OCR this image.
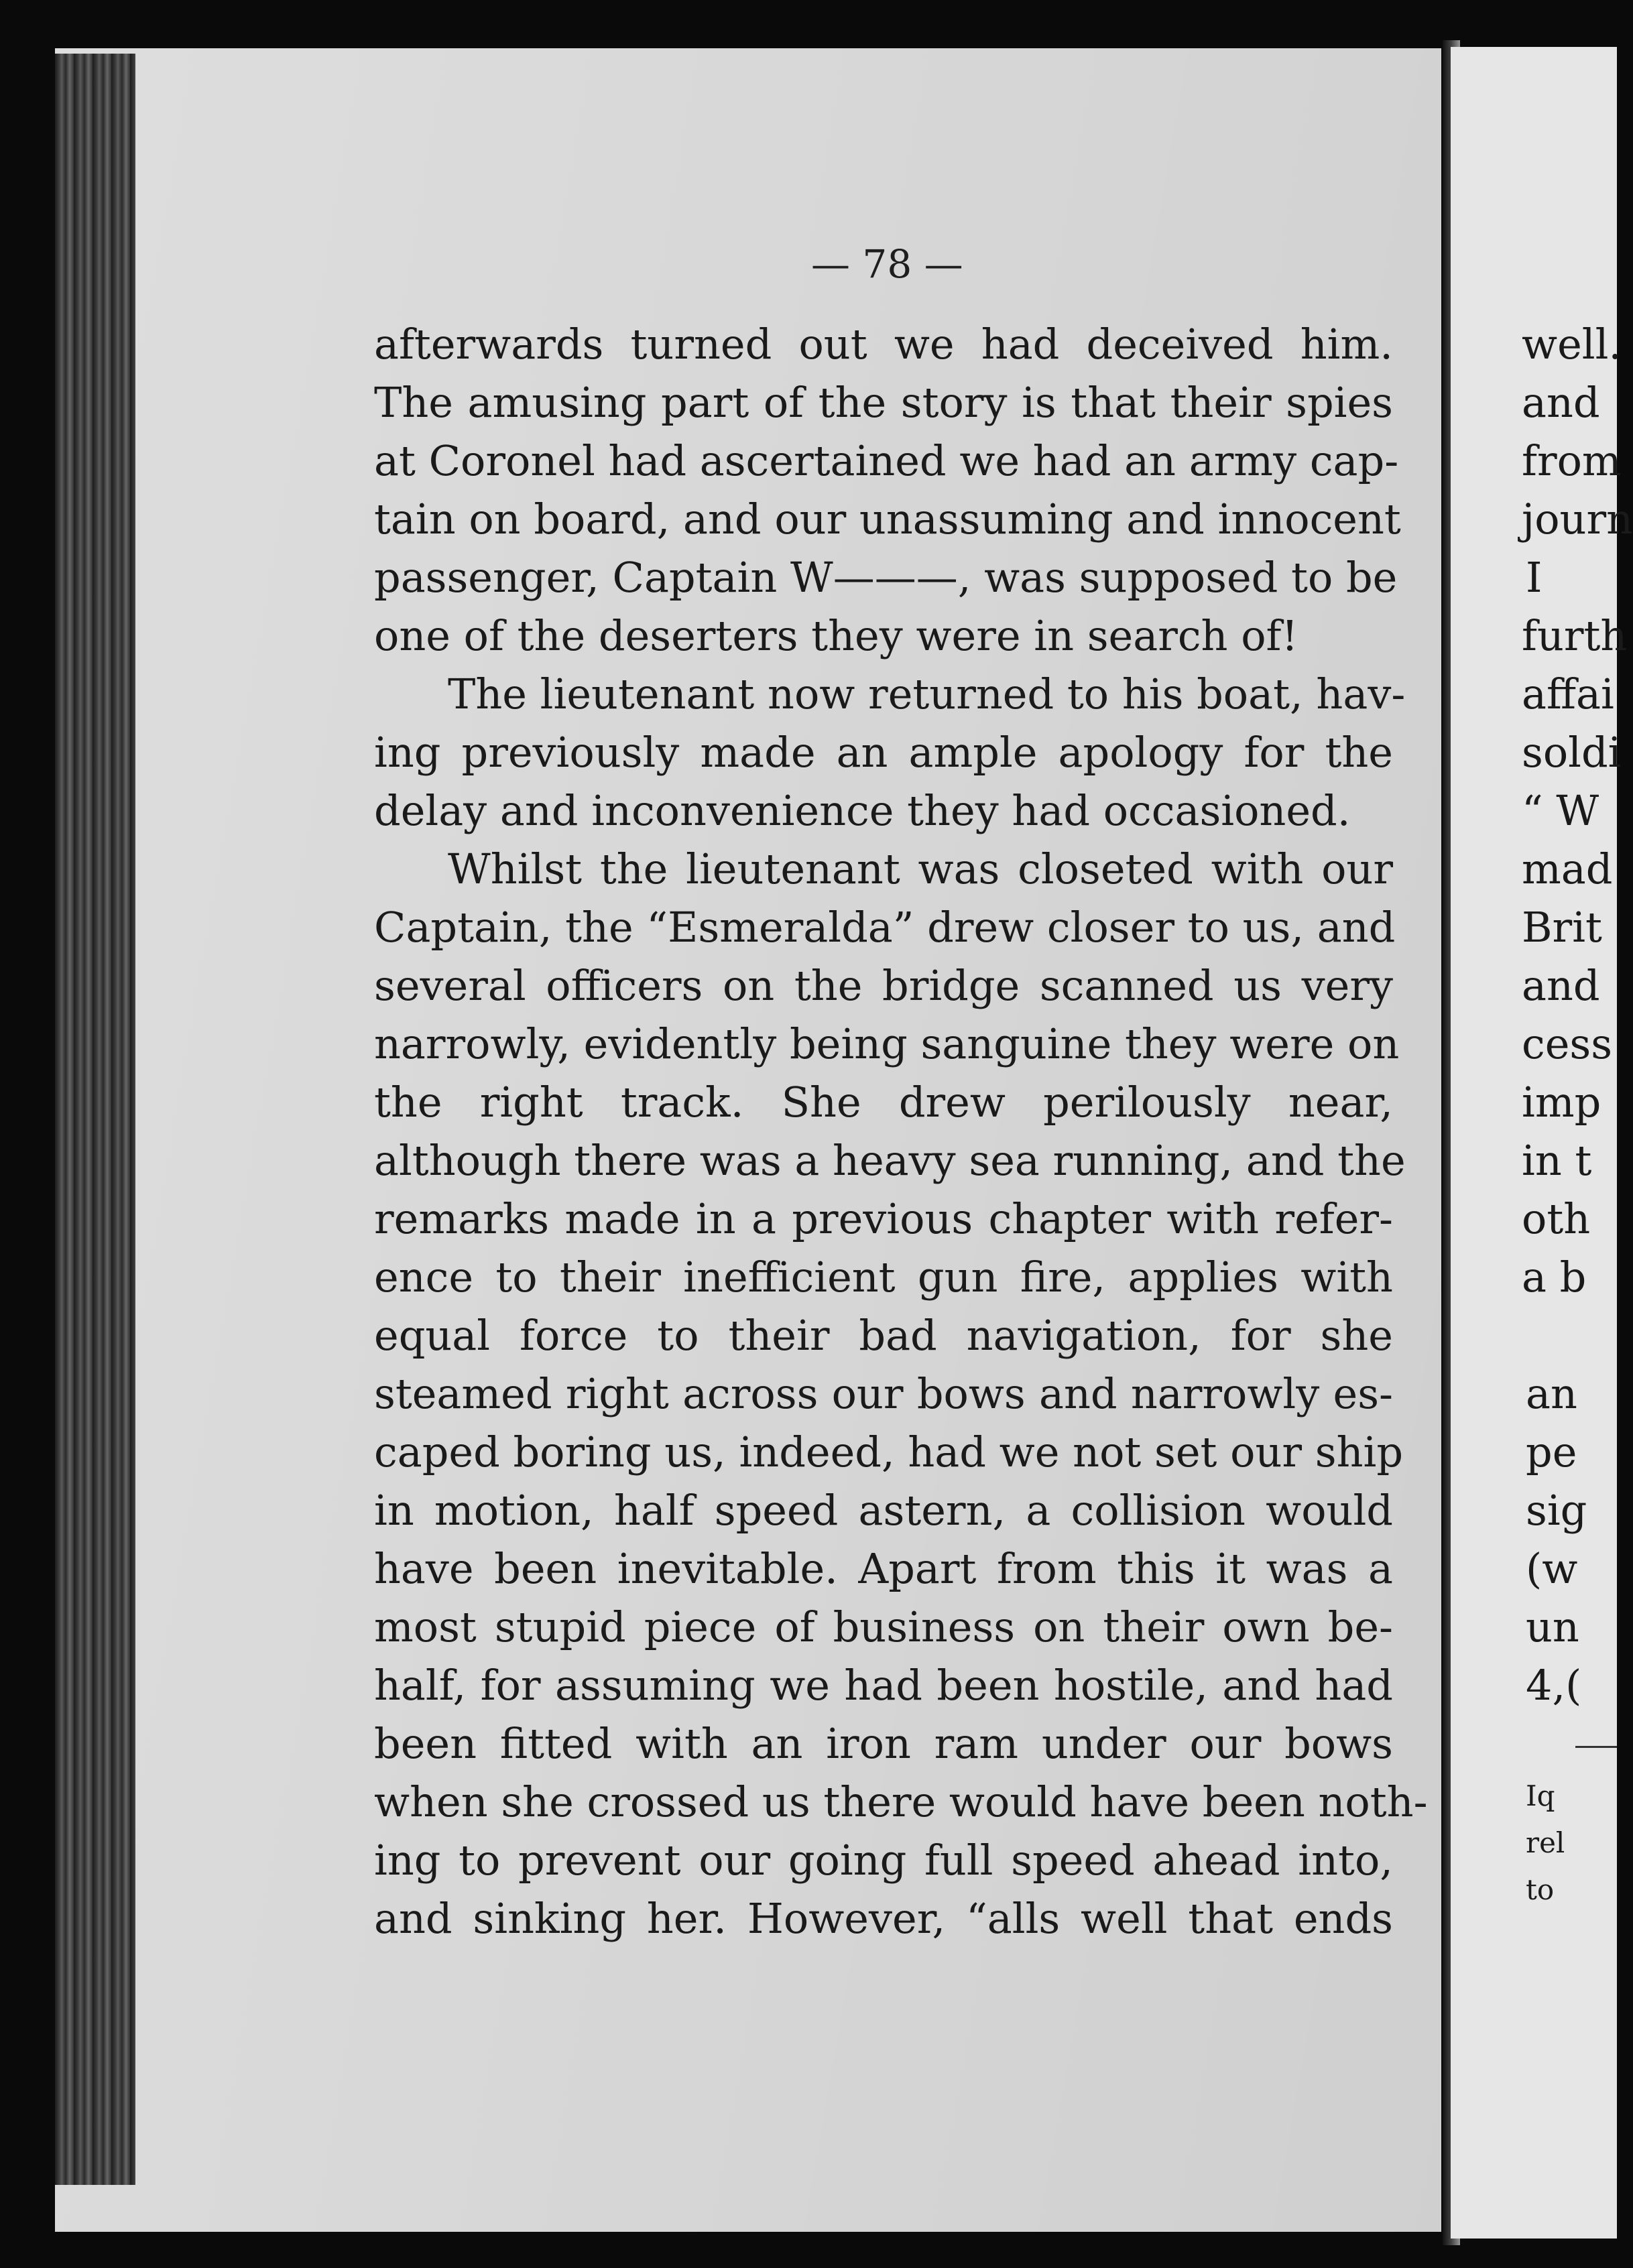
— 78 —
afterwards turned out we had deceived him.
The amusing part of the story is that their spies
at Coronel had ascertained we had an army cap-
tain on board, and our unassuming and innocent
passenger, Captain W———, was supposed to be
one of the deserters they were in search of!
The lieutenant now returned to his boat, hav-
ing previously made an ample apology for the
delay and inconvenience they had occasioned.
Whilst the lieutenant was closeted with our
Captain, the “Esmeralda” drew closer to us, and
several officers on the bridge scanned us very
narrowly, evidently being sanguine they were on
the right track. She drew perilously near,
although there was a heavy sea running, and the
remarks made in a previous chapter with refer-
ence to their inefficient gun fire, applies with
equal force to their bad navigation, for she
steamed right across our bows and narrowly es-
caped boring us, indeed, had we not set our ship
in motion, half speed astern, a collision would
have been inevitable. Apart from this it was a
most stupid piece of business on their own be-
half, for assuming we had been hostile, and had
been fitted with an iron ram under our bows
when she crossed us there would have been noth-
ing to prevent our going full speed ahead into,
and sinking her. However, “alls well that ends
well.
and
from
journ
I
furth
affai
soldi
“ W
mad
Brit
and
cess
imp
in t
oth
a b
an
pe
sig
(w
un
4,(
Iq
rel
to
